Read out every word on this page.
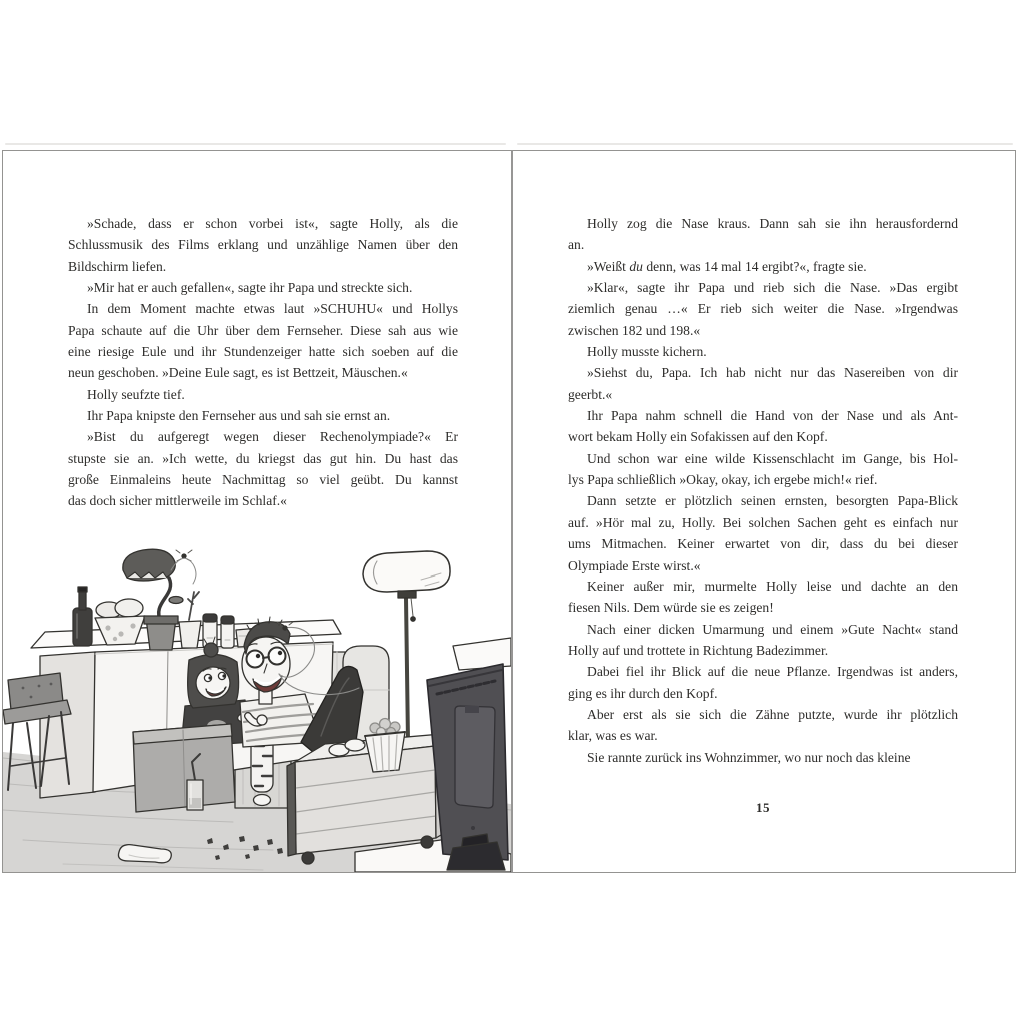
»Schade, dass er schon vorbei ist«, sagte Holly, als die
Schlussmusik des Films erklang und unzählige Namen über den
Bildschirm liefen.
»Mir hat er auch gefallen«, sagte ihr Papa und streckte sich.
In dem Moment machte etwas laut »SCHUHU« und Hollys
Papa schaute auf die Uhr über dem Fernseher. Diese sah aus wie
eine riesige Eule und ihr Stundenzeiger hatte sich soeben auf die
neun geschoben. »Deine Eule sagt, es ist Bettzeit, Mäuschen.«
Holly seufzte tief.
Ihr Papa knipste den Fernseher aus und sah sie ernst an.
»Bist du aufgeregt wegen dieser Rechenolympiade?« Er
stupste sie an. »Ich wette, du kriegst das gut hin. Du hast das
große Einmaleins heute Nachmittag so viel geübt. Du kannst
das doch sicher mittlerweile im Schlaf.«
Holly zog die Nase kraus. Dann sah sie ihn herausfordernd
an.
»Weißt du denn, was 14 mal 14 ergibt?«, fragte sie.
»Klar«, sagte ihr Papa und rieb sich die Nase. »Das ergibt
ziemlich genau …« Er rieb sich weiter die Nase. »Irgendwas
zwischen 182 und 198.«
Holly musste kichern.
»Siehst du, Papa. Ich hab nicht nur das Nasereiben von dir
geerbt.«
Ihr Papa nahm schnell die Hand von der Nase und als Ant-
wort bekam Holly ein Sofakissen auf den Kopf.
Und schon war eine wilde Kissenschlacht im Gange, bis Hol-
lys Papa schließlich »Okay, okay, ich ergebe mich!« rief.
Dann setzte er plötzlich seinen ernsten, besorgten Papa-Blick
auf. »Hör mal zu, Holly. Bei solchen Sachen geht es einfach nur
ums Mitmachen. Keiner erwartet von dir, dass du bei dieser
Olympiade Erste wirst.«
Keiner außer mir, murmelte Holly leise und dachte an den
fiesen Nils. Dem würde sie es zeigen!
Nach einer dicken Umarmung und einem »Gute Nacht« stand
Holly auf und trottete in Richtung Badezimmer.
Dabei fiel ihr Blick auf die neue Pflanze. Irgendwas ist anders,
ging es ihr durch den Kopf.
Aber erst als sie sich die Zähne putzte, wurde ihr plötzlich
klar, was es war.
Sie rannte zurück ins Wohnzimmer, wo nur noch das kleine
15
